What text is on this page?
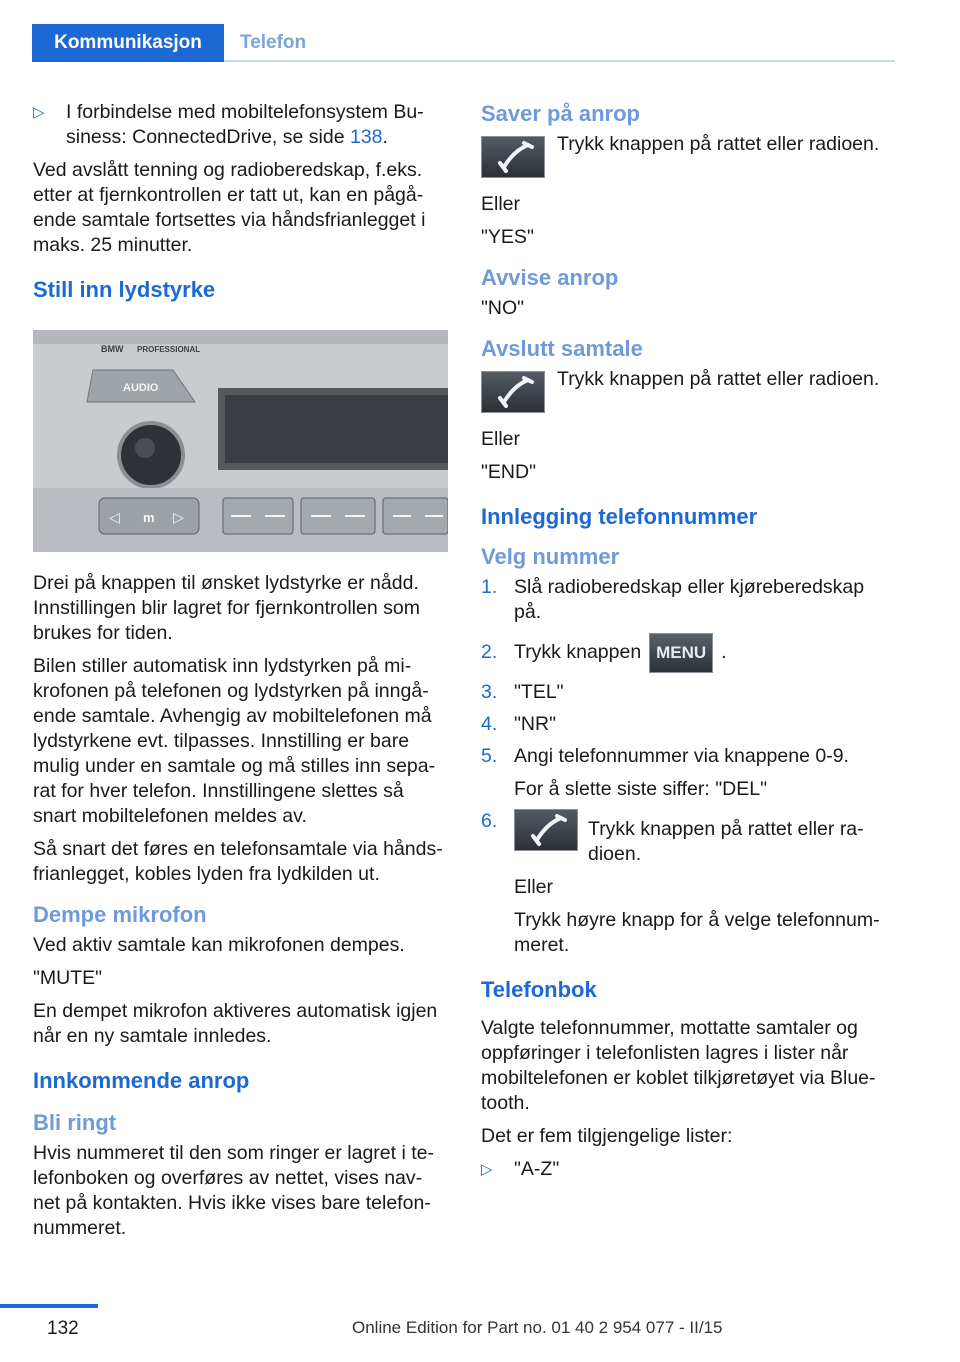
Kommunikasjon	Telefon
▷ I forbindelse med mobiltelefonsystem Bu-siness: ConnectedDrive, se side 138.

Ved avslått tenning og radioberedskap, f.eks. etter at fjernkontrollen er tatt ut, kan en pågå-ende samtale fortsettes via håndsfrianlegget i maks. 25 minutter.

Still inn lydstyrke
BMW PROFESSIONAL
AUDIO
◁ m ▷

Drei på knappen til ønsket lydstyrke er nådd. Innstillingen blir lagret for fjernkontrollen som brukes for tiden.

Bilen stiller automatisk inn lydstyrken på mi-krofonen på telefonen og lydstyrken på inngå-ende samtale. Avhengig av mobiltelefonen må lydstyrkene evt. tilpasses. Innstilling er bare mulig under en samtale og må stilles inn sepa-rat for hver telefon. Innstillingene slettes så snart mobiltelefonen meldes av.

Så snart det føres en telefonsamtale via hånds-frianlegget, kobles lyden fra lydkilden ut.

Dempe mikrofon

Ved aktiv samtale kan mikrofonen dempes.

"MUTE"

En dempet mikrofon aktiveres automatisk igjen når en ny samtale innledes.

Innkommende anrop
Bli ringt

Hvis nummeret til den som ringer er lagret i te-lefonboken og overføres av nettet, vises nav-net på kontakten. Hvis ikke vises bare telefon-nummeret.

Saver på anrop
Trykk knappen på rattet eller radioen.

Eller

"YES"

Avvise anrop

"NO"

Avslutt samtale
Trykk knappen på rattet eller radioen.

Eller

"END"

Innlegging telefonnummer
Velg nummer
1. Slå radioberedskap eller kjøreberedskap på.
2. Trykk knappen MENU .
3. "TEL"
4. "NR"
5. Angi telefonnummer via knappene 0-9.
For å slette siste siffer: "DEL"
6.	Trykk knappen på rattet eller ra-dioen.
Eller
Trykk høyre knapp for å velge telefonnum-meret.
Telefonbok

Valgte telefonnummer, mottatte samtaler og oppføringer i telefonlisten lagres i lister når mobiltelefonen er koblet tilkjøretøyet via Blue-tooth.

Det er fem tilgjengelige lister:

▷ "A-Z"
132	Online Edition for Part no. 01 40 2 954 077 - II/15
